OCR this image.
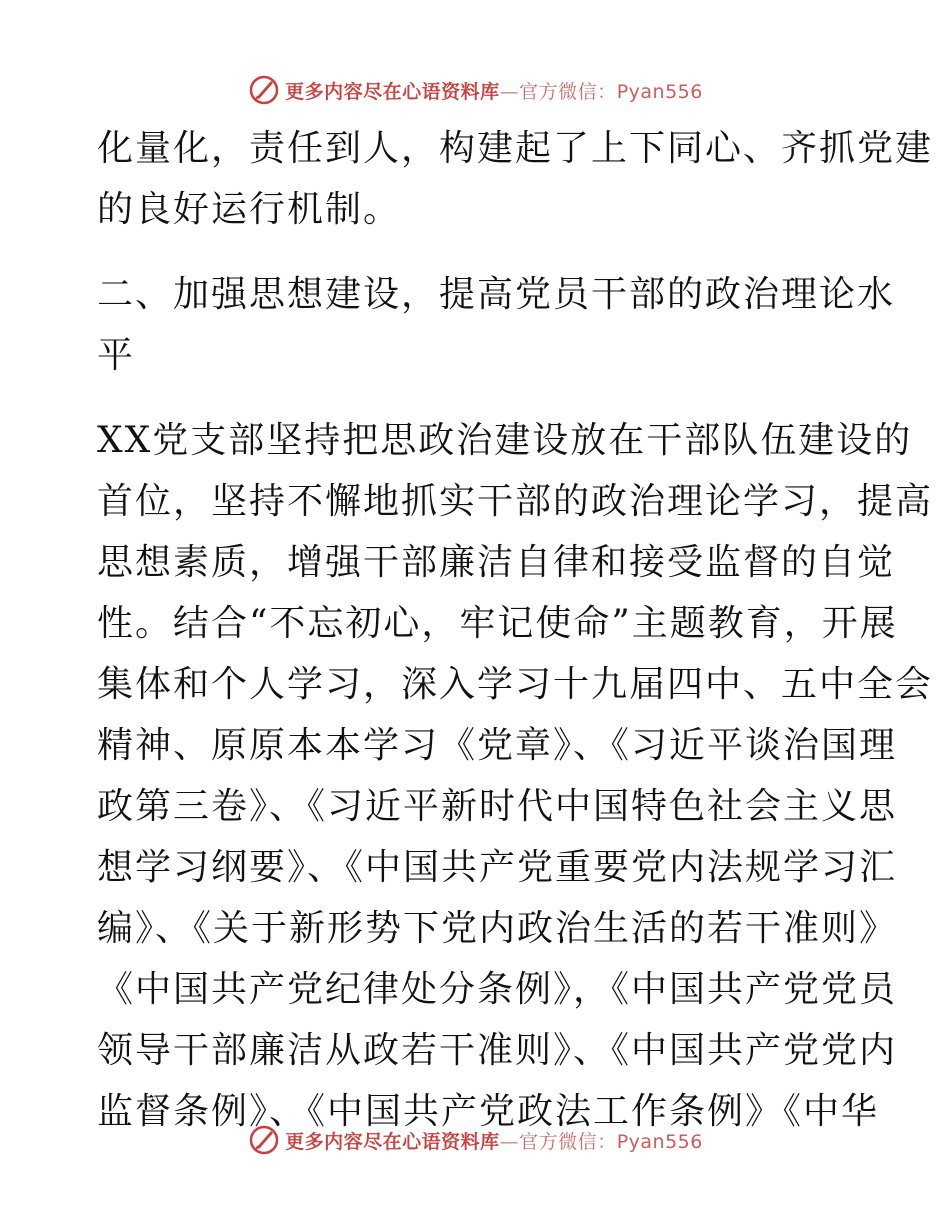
更多内容尽在心语资料库—官方微信：Pyan556
化量化，责任到人，构建起了上下同心、齐抓党建
的良好运行机制。
二、加强思想建设，提高党员干部的政治理论水
平
XX党支部坚持把思政治建设放在干部队伍建设的
首位，坚持不懈地抓实干部的政治理论学习，提高
思想素质，增强干部廉洁自律和接受监督的自觉
性。结合“不忘初心，牢记使命”主题教育，开展
集体和个人学习，深入学习十九届四中、五中全会
精神、原原本本学习《党章》、《习近平谈治国理
政第三卷》、《习近平新时代中国特色社会主义思
想学习纲要》、《中国共产党重要党内法规学习汇
编》、《关于新形势下党内政治生活的若干准则》
《中国共产党纪律处分条例》，《中国共产党党员
领导干部廉洁从政若干准则》、《中国共产党党内
监督条例》、《中国共产党政法工作条例》《中华
更多内容尽在心语资料库—官方微信：Pyan556
